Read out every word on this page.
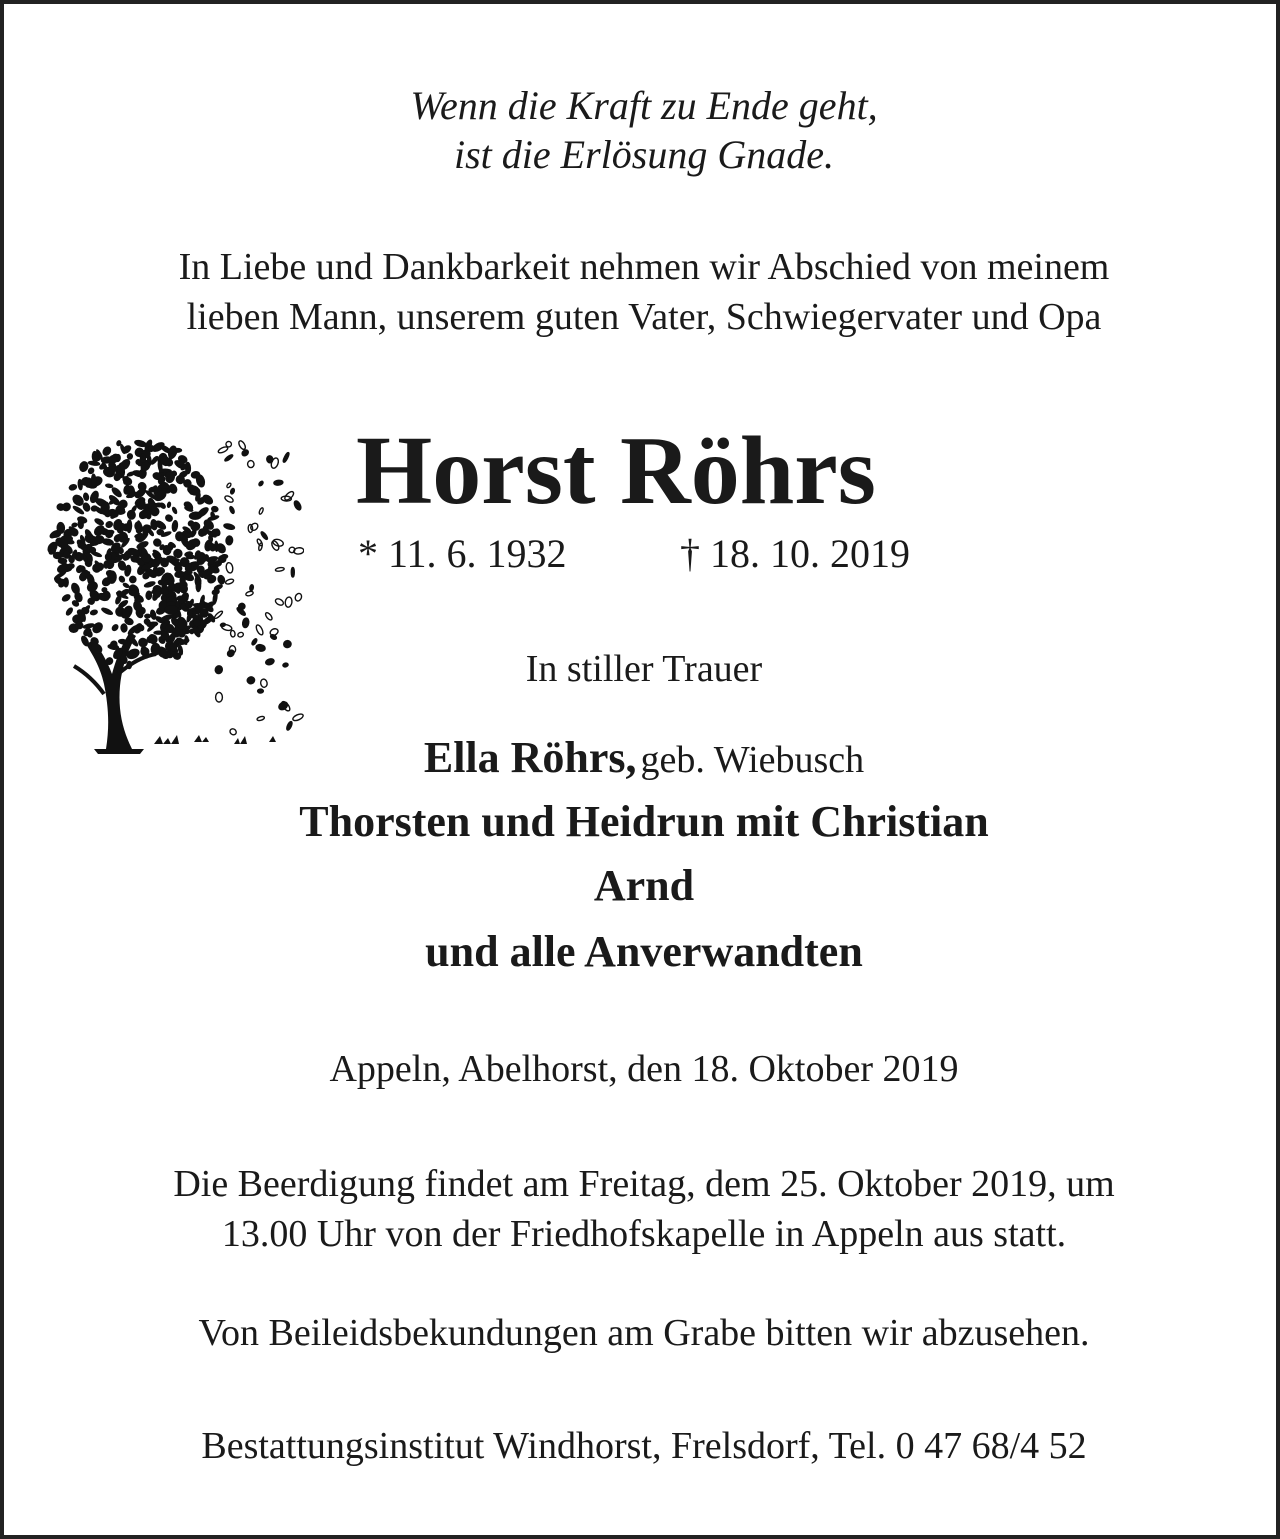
Wenn die Kraft zu Ende geht,
ist die Erlösung Gnade.
In Liebe und Dankbarkeit nehmen wir Abschied von meinem
lieben Mann, unserem guten Vater, Schwiegervater und Opa
Horst Röhrs
* 11. 6. 1932	† 18. 10. 2019
In stiller Trauer
Ella Röhrs, geb. Wiebusch
Thorsten und Heidrun mit Christian
Arnd
und alle Anverwandten
Appeln, Abelhorst, den 18. Oktober 2019
Die Beerdigung findet am Freitag, dem 25. Oktober 2019, um
13.00 Uhr von der Friedhofskapelle in Appeln aus statt.
Von Beileidsbekundungen am Grabe bitten wir abzusehen.
Bestattungsinstitut Windhorst, Frelsdorf, Tel. 0 47 68/4 52
